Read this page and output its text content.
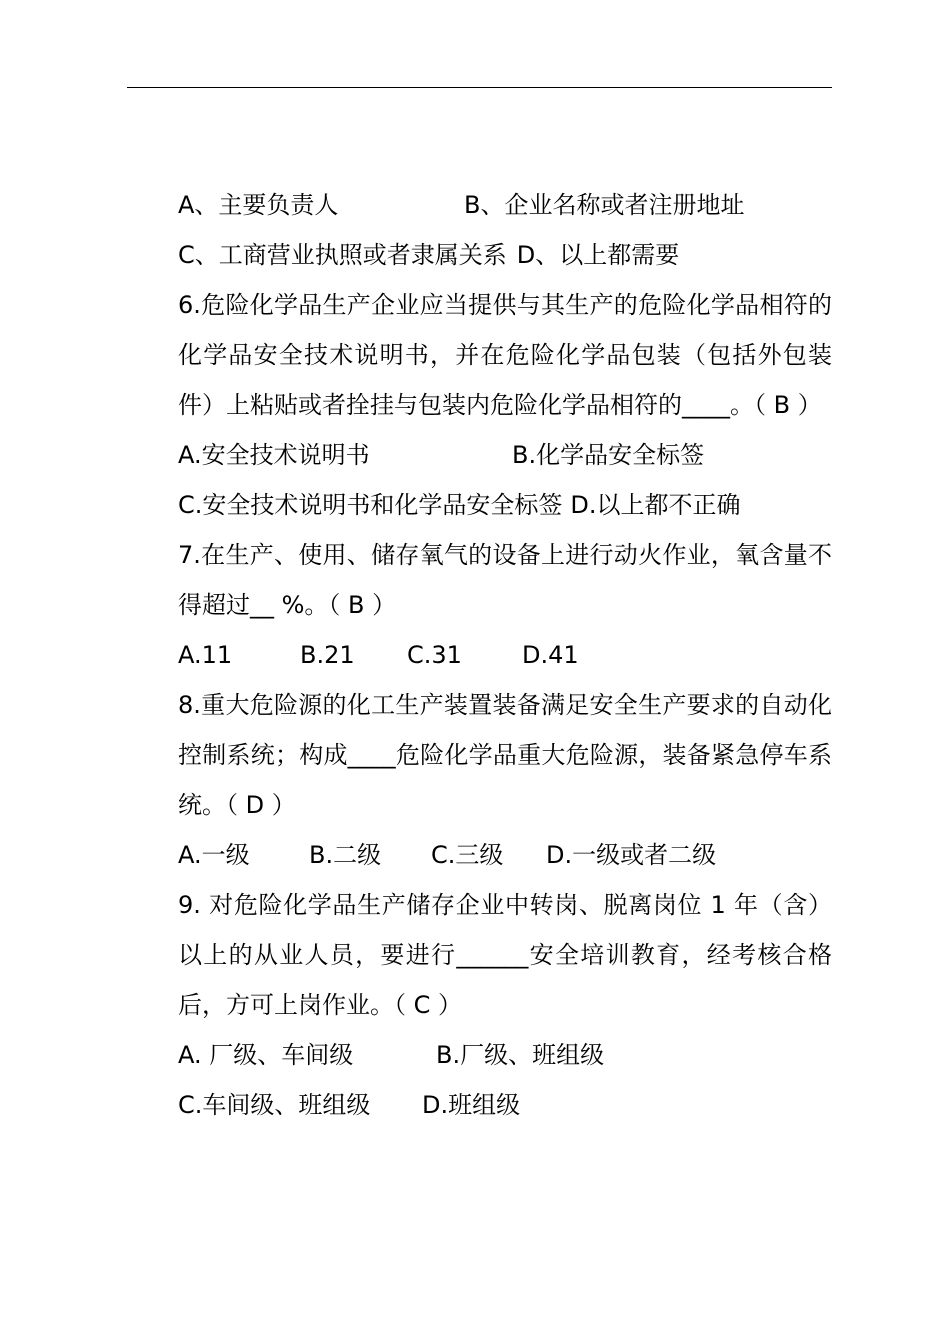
A、主要负责人	B、企业名称或者注册地址
C、工商营业执照或者隶属关系 D、以上都需要
6.危险化学品生产企业应当提供与其生产的危险化学品相符的化学品安全技术说明书，并在危险化学品包装（包括外包装件）上粘贴或者拴挂与包装内危险化学品相符的____。（ B ）
A.安全技术说明书	B.化学品安全标签
C.安全技术说明书和化学品安全标签 D.以上都不正确
7.在生产、使用、储存氧气的设备上进行动火作业，氧含量不得超过__ %。（ B ）
A.11	B.21 C.31	D.41
8.重大危险源的化工生产装置装备满足安全生产要求的自动化控制系统；构成____危险化学品重大危险源，装备紧急停车系统。（ D ）
A.一级 B.二级 C.三级 D.一级或者二级
9. 对危险化学品生产储存企业中转岗、脱离岗位 1 年（含）以上的从业人员，要进行______安全培训教育，经考核合格后，方可上岗作业。（ C ）
A. 厂级、车间级	B.厂级、班组级
C.车间级、班组级 D.班组级
